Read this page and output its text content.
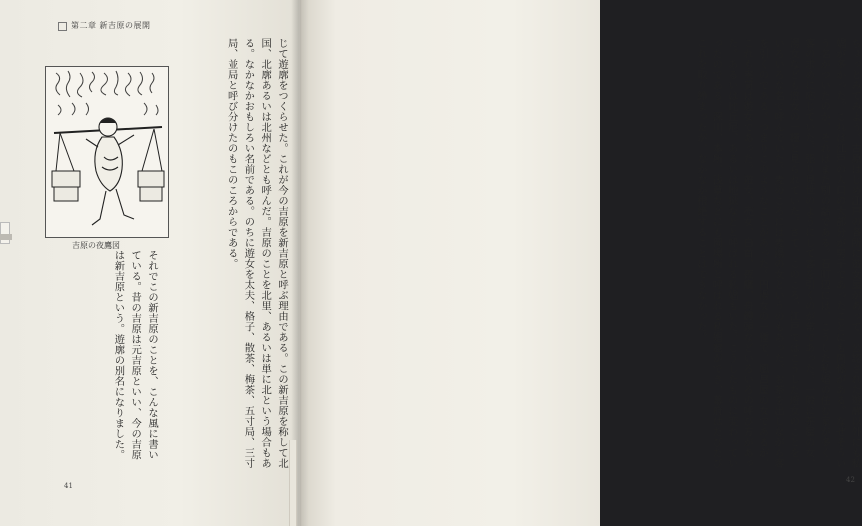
第二章 新吉原の展開
吉原の夜鷹図	じて遊廓をつくらせた。これが今の吉原を新吉原と呼ぶ理由である。この新吉原を称して北国、北廓あるいは北州などとも呼んだ。吉原のことを北里、あるいは単に北という場合もある。なかなかおもしろい名前である。のちに遊女を太夫、格子、散茶、梅茶、五寸局、三寸局、並局と呼び分けたのもこのころからである。
それでこの新吉原のことを、こんな風に書いている。昔の吉原は元吉原といい、今の吉原は新吉原という。遊廓の別名になりました。
41
ちょっとみてみよう。古原はじめ江戸の各所に遊女屋があって、公認された遊廓以外にも私娼が多かった。これは江戸の人口の大部分が男子であったことにも関係がある。なぜそういう名がついたのか、それはまた別の話である。石町辺には、こうした私娼の住む家が多く、客の求めに応じていた。張り見世のようにして客を引くのが常であった。一般に茶屋の女、湯女なども遊女の一種と見られていた。さて、このころ、江戸ではこうした遊女のことを、いろいろな名で呼んでいた。麦のころには麦湯の女というのもあった。お茶を出しながら客を引くのである。つまりこのようなことがあった。円湯女の一種で、風呂屋の女であるが、これも実質は遊女であった。遊女、売女、白首、夜鷹、舟饅頭などいろいろの呼び方があった。あるいは比丘尼、あるいは地獄などと呼ばれる私娼もいた。こうしたものに変わっていったのである。深川、本所、浅草などにも岡場所と呼ばれる私娼窟ができ、幕府はたびたびこれを取り締まったが、なかなか根絶することはできなかった。
42
